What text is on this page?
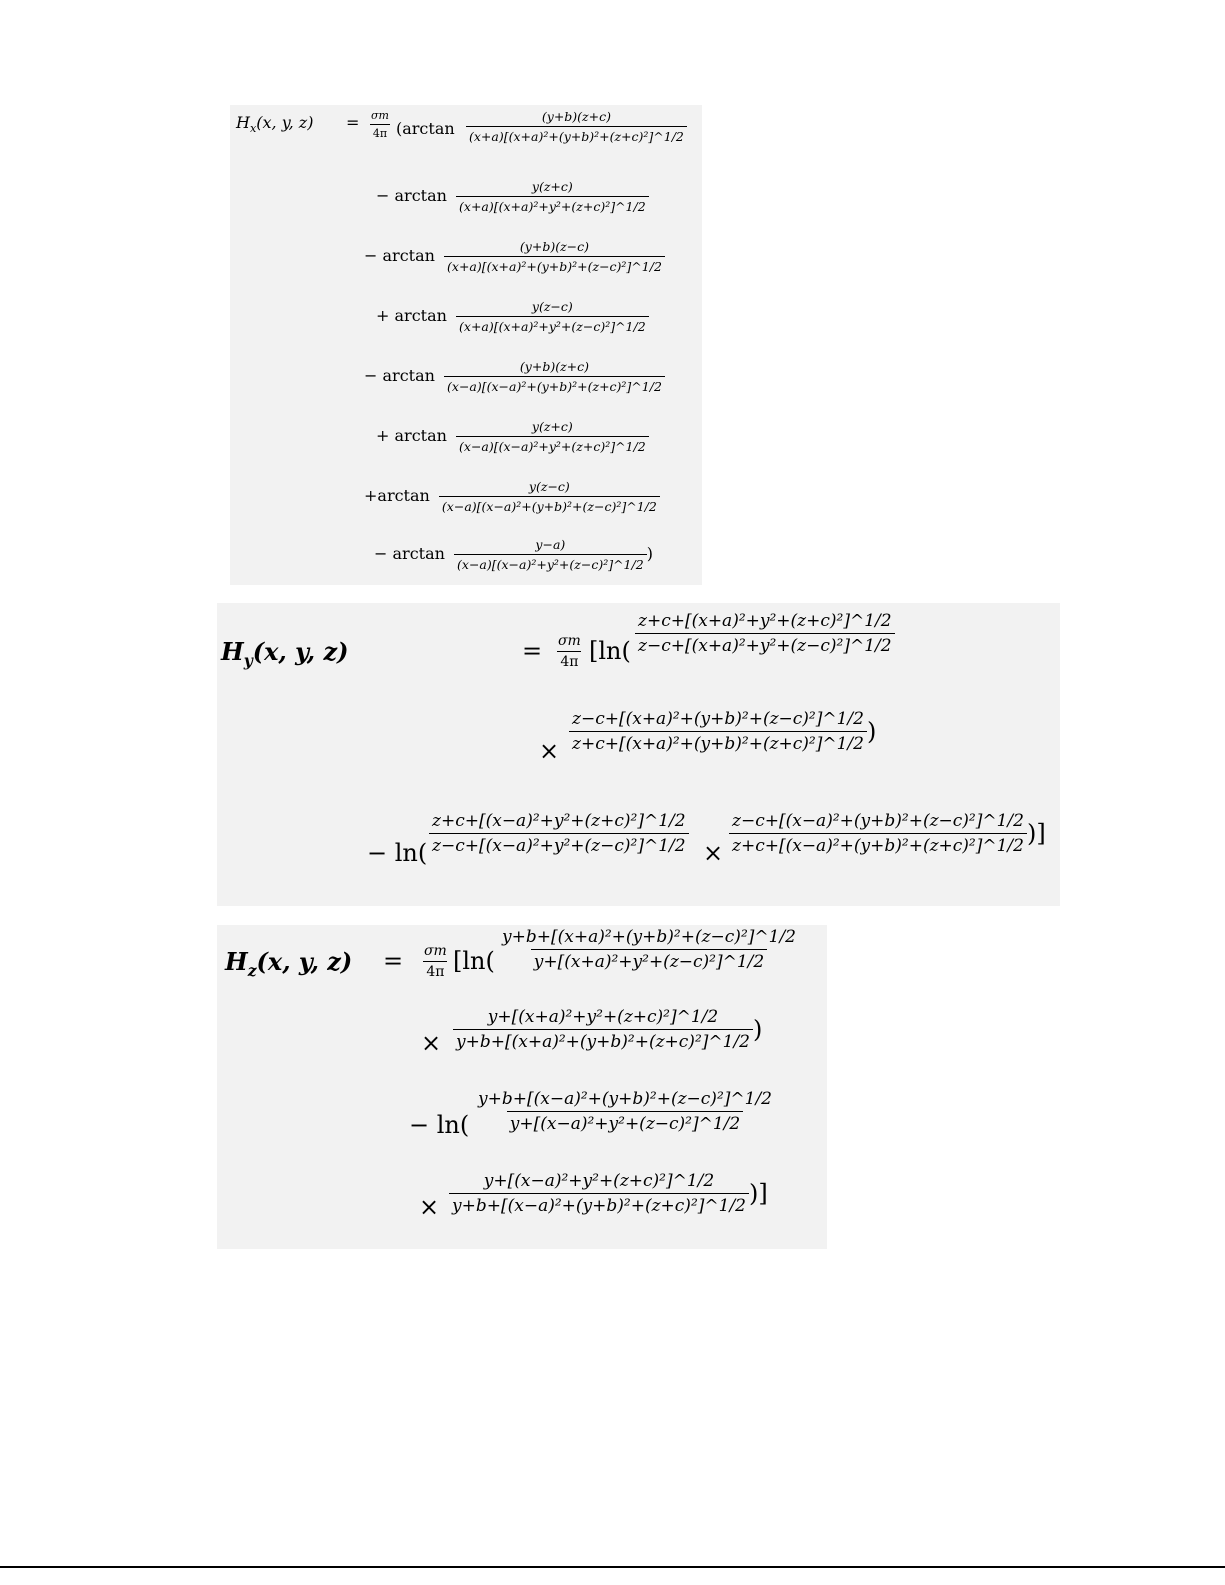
$H_x(x$, y, $z) = \frac{\sigma m}{4\pi} (\arctan \frac{(y+b)(z+c)}{\text{(x+a)[(x+a)²+(y+b)²+(z+c)²]\textasciicircum{}1/2}}$
− $\arctan \frac{y(z+c)}{\text{(x+a)[(x+a)²+y²+(z+c)²]\textasciicircum{}1/2}}$
− $\arctan \frac{(y+b)(z-c)}{\text{(x+a)[(x+a)²+(y+b)²+(z−c)²]\textasciicircum{}1/2}}$
+ $\arctan \frac{y(z-c)}{\text{(x+a)[(x+a)²+y²+(z−c)²]\textasciicircum{}1/2}}$
− $\arctan \frac{(y+b)(z+c)}{\text{(x−a)[(x−a)²+(y+b)²+(z+c)²]\textasciicircum{}1/2}}$
+ $\arctan \frac{y(z+c)}{\text{(x−a)[(x−a)²+y²+(z+c)²]\textasciicircum{}1/2}}$
$+\arctan \frac{y(z-c)}{\text{(x−a)[(x−a)²+(y+b)²+(z−c)²]\textasciicircum{}1/2}}$
− $\arctan \frac{y-a)}{\text{(x−a)[(x−a)²+y²+(z−c)²]\textasciicircum{}1/2}}$ )
$H_y(x$, y, z)	= $\frac{\sigma m}{4\pi} [\ln( \frac{\text{z+c+[(x+a)²+y²+(z+c)²]\textasciicircum{}1/2}}{\text{z−c+[(x+a)²+y²+(z−c)²]\textasciicircum{}1/2}}$
× $\frac{\text{z−c+[(x+a)²+(y+b)²+(z−c)²]\textasciicircum{}1/2}}{\text{z+c+[(x+a)²+(y+b)²+(z+c)²]\textasciicircum{}1/2}}$ )
− $\ln( \frac{\text{z+c+[(x−a)²+y²+(z+c)²]\textasciicircum{}1/2}}{\text{z−c+[(x−a)²+y²+(z−c)²]\textasciicircum{}1/2}} \times \frac{\text{z−c+[(x−a)²+(y+b)²+(z−c)²]\textasciicircum{}1/2}}{\text{z+c+[(x−a)²+(y+b)²+(z+c)²]\textasciicircum{}1/2}}$ )]
$H_z(x$, y, $z) = \frac{\sigma m}{4\pi} [\ln( \frac{\text{y+b+[(x+a)²+(y+b)²+(z−c)²]\textasciicircum{}1/2}}{\text{y+[(x+a)²+y²+(z−c)²]\textasciicircum{}1/2}}$
× $\frac{\text{y+[(x+a)²+y²+(z+c)²]\textasciicircum{}1/2}}{\text{y+b+[(x+a)²+(y+b)²+(z+c)²]\textasciicircum{}1/2}}$ )
− $\ln( \frac{\text{y+b+[(x−a)²+(y+b)²+(z−c)²]\textasciicircum{}1/2}}{\text{y+[(x−a)²+y²+(z−c)²]\textasciicircum{}1/2}}$
× $\frac{\text{y+[(x−a)²+y²+(z+c)²]\textasciicircum{}1/2}}{\text{y+b+[(x−a)²+(y+b)²+(z+c)²]\textasciicircum{}1/2}}$ )]
